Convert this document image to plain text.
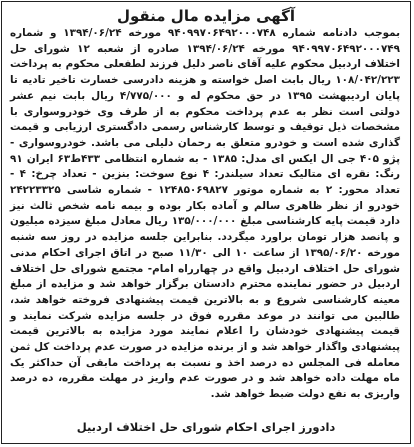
آگهی مزایده مال منقول
بموجب دادنامه شماره ۹۴۰۹۹۷۰۶۴۹۲۰۰۰۷۴۸ مورخه ۱۳۹۴/۰۶/۲۴ و شماره ۹۴۰۹۹۷۰۶۴۹۲۰۰۰۷۴۹ مورخه ۱۳۹۴/۰۶/۲۴ صادره از شعبه ۱۲ شورای حل اختلاف اردبیل محکوم علیه آقای ناصر دلیل فرزند لطفعلی محکوم به پرداخت ۱۰۸/۰۴۲/۲۲۳ ریال بابت اصل خواسته و هزینه دادرسی خسارت تاخیر تادیه تا پایان اردیبهشت ۱۳۹۵ در حق محکوم له و ۴/۷۷۵/۰۰۰ ریال بابت نیم عشر دولتی است نظر به عدم پرداخت محکوم به از طرف وی خودروسواری با مشخصات ذیل توقیف و توسط کارشناس رسمی دادگستری ارزیابی و قیمت گذاری شده است و خودرو متعلق به رحمان دلیلی می باشد. خودروسواری - پژو ۴۰۵ جی ال ایکس ای مدل: ۱۳۸۵ - به شماره انتظامی ۴۳۳ط۶۳ ایران ۹۱ رنگ: نقره ای متالیک تعداد سیلندر: ۴ نوع سوخت: بنزین - تعداد چرخ: ۴ - تعداد محور: ۲ به شماره موتور ۱۲۴۸۵۰۶۹۸۲۷ - شماره شاسی ۲۴۲۲۳۳۲۵ خودرو از نظر ظاهری سالم و آماده بکار بوده و بیمه نامه شخص ثالث نیز دارد قیمت پایه کارشناسی مبلغ ۱۳۵/۰۰۰/۰۰۰ ریال معادل مبلغ سیزده میلیون و پانصد هزار تومان براورد میگردد. بنابراین جلسه مزایده در روز سه شنبه مورخه ۱۳۹۵/۰۶/۲۰ از ساعت ۱۰ الی ۱۱/۳۰ صبح در اتاق اجرای احکام مدنی شورای حل اختلاف اردبیل واقع در چهارراه امام- مجتمع شورای حل اختلاف اردبیل در حضور نماینده محترم دادستان برگزار خواهد شد و مزایده از مبلغ معینه کارشناسی شروع و به بالاترین قیمت پیشنهادی فروخته خواهد شد، طالبین می توانند در موعد مقرره فوق در جلسه مزایده شرکت نمایند و قیمت پیشنهادی خودشان را اعلام نمایند مورد مزایده به بالاترین قیمت پیشنهادی واگذار خواهد شد و از برنده مزایده در صورت عدم پرداخت کل ثمن معامله فی المجلس ده درصد اخذ و نسبت به پرداخت مابقی آن حداکثر یک ماه مهلت داده خواهد شد و در صورت عدم واریز در مهلت مقرره، ده درصد واریزی به نفع دولت ضبط خواهد شد.
دادورز اجرای احکام شورای حل اختلاف اردبیل
